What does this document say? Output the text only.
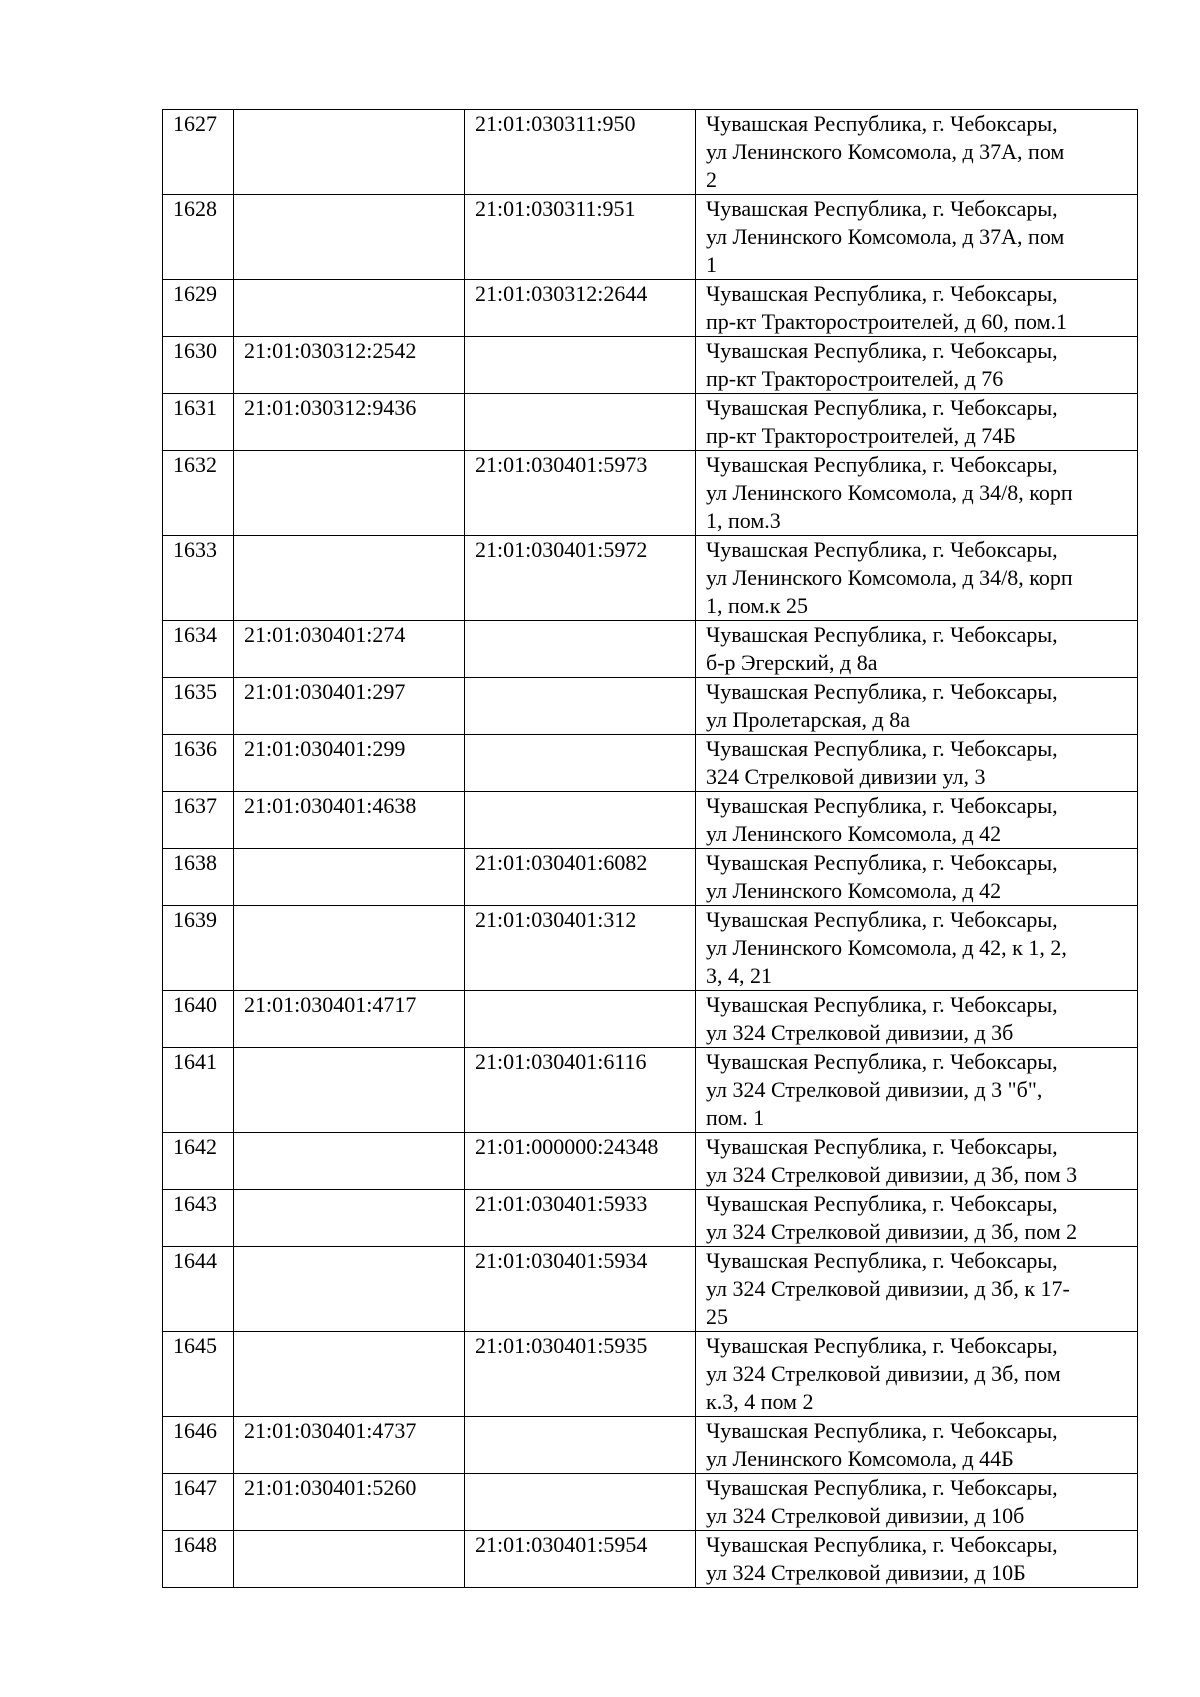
1627		21:01:030311:950	Чувашская Республика, г. Чебоксары,
ул Ленинского Комсомола, д 37А, пом
2
1628		21:01:030311:951	Чувашская Республика, г. Чебоксары,
ул Ленинского Комсомола, д 37А, пом
1
1629		21:01:030312:2644	Чувашская Республика, г. Чебоксары,
пр-кт Тракторостроителей, д 60, пом.1
1630	21:01:030312:2542		Чувашская Республика, г. Чебоксары,
пр-кт Тракторостроителей, д 76
1631	21:01:030312:9436		Чувашская Республика, г. Чебоксары,
пр-кт Тракторостроителей, д 74Б
1632		21:01:030401:5973	Чувашская Республика, г. Чебоксары,
ул Ленинского Комсомола, д 34/8, корп
1, пом.3
1633		21:01:030401:5972	Чувашская Республика, г. Чебоксары,
ул Ленинского Комсомола, д 34/8, корп
1, пом.к 25
1634	21:01:030401:274		Чувашская Республика, г. Чебоксары,
б-р Эгерский, д 8а
1635	21:01:030401:297		Чувашская Республика, г. Чебоксары,
ул Пролетарская, д 8а
1636	21:01:030401:299		Чувашская Республика, г. Чебоксары,
324 Стрелковой дивизии ул, 3
1637	21:01:030401:4638		Чувашская Республика, г. Чебоксары,
ул Ленинского Комсомола, д 42
1638		21:01:030401:6082	Чувашская Республика, г. Чебоксары,
ул Ленинского Комсомола, д 42
1639		21:01:030401:312	Чувашская Республика, г. Чебоксары,
ул Ленинского Комсомола, д 42, к 1, 2,
3, 4, 21
1640	21:01:030401:4717		Чувашская Республика, г. Чебоксары,
ул 324 Стрелковой дивизии, д 3б
1641		21:01:030401:6116	Чувашская Республика, г. Чебоксары,
ул 324 Стрелковой дивизии, д 3 "б",
пом. 1
1642		21:01:000000:24348	Чувашская Республика, г. Чебоксары,
ул 324 Стрелковой дивизии, д 3б, пом 3
1643		21:01:030401:5933	Чувашская Республика, г. Чебоксары,
ул 324 Стрелковой дивизии, д 3б, пом 2
1644		21:01:030401:5934	Чувашская Республика, г. Чебоксары,
ул 324 Стрелковой дивизии, д 3б, к 17-
25
1645		21:01:030401:5935	Чувашская Республика, г. Чебоксары,
ул 324 Стрелковой дивизии, д 3б, пом
к.3, 4 пом 2
1646	21:01:030401:4737		Чувашская Республика, г. Чебоксары,
ул Ленинского Комсомола, д 44Б
1647	21:01:030401:5260		Чувашская Республика, г. Чебоксары,
ул 324 Стрелковой дивизии, д 10б
1648		21:01:030401:5954	Чувашская Республика, г. Чебоксары,
ул 324 Стрелковой дивизии, д 10Б
